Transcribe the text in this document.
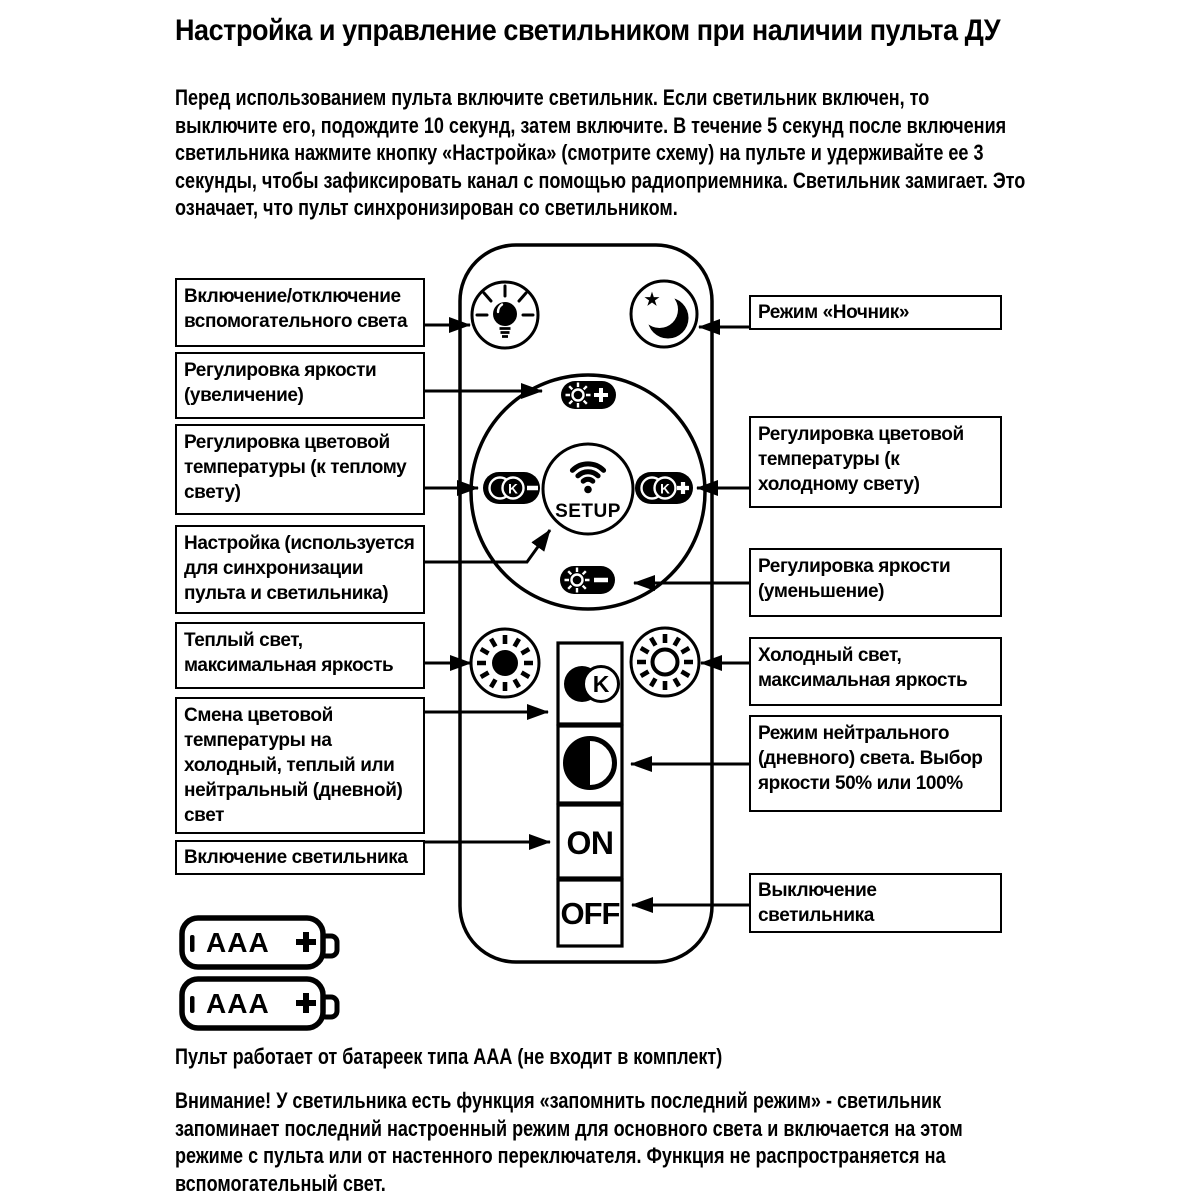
Настройка и управление светильником при наличии пульта ДУ
Перед использованием пульта включите светильник. Если светильник включен, то выключите его, подождите 10 секунд, затем включите. В течение 5 секунд после включения светильника нажмите кнопку «Настройка» (смотрите схему) на пульте и удерживайте ее 3 секунды, чтобы зафиксировать канал с помощью радиоприемника. Светильник замигает. Это означает, что пульт синхронизирован со светильником.
★
K
SETUP
K
K
ON
OFF
AAA
AAA
Включение/отключение вспомогательного света
Регулировка яркости (увеличение)
Регулировка цветовой температуры (к теплому свету)
Настройка (используется для синхронизации пульта и светильника)
Теплый свет, максимальная яркость
Смена цветовой температуры на холодный, теплый или нейтральный (дневной) свет
Включение светильника
Режим «Ночник»
Регулировка цветовой температуры (к холодному свету)
Регулировка яркости (уменьшение)
Холодный свет, максимальная яркость
Режим нейтрального (дневного) света. Выбор яркости 50% или 100%
Выключение светильника
Пульт работает от батареек типа ААА (не входит в комплект)
Внимание! У светильника есть функция «запомнить последний режим» - светильник запоминает последний настроенный режим для основного света и включается на этом режиме с пульта или от настенного переключателя. Функция не распространяется на вспомогательный свет.
